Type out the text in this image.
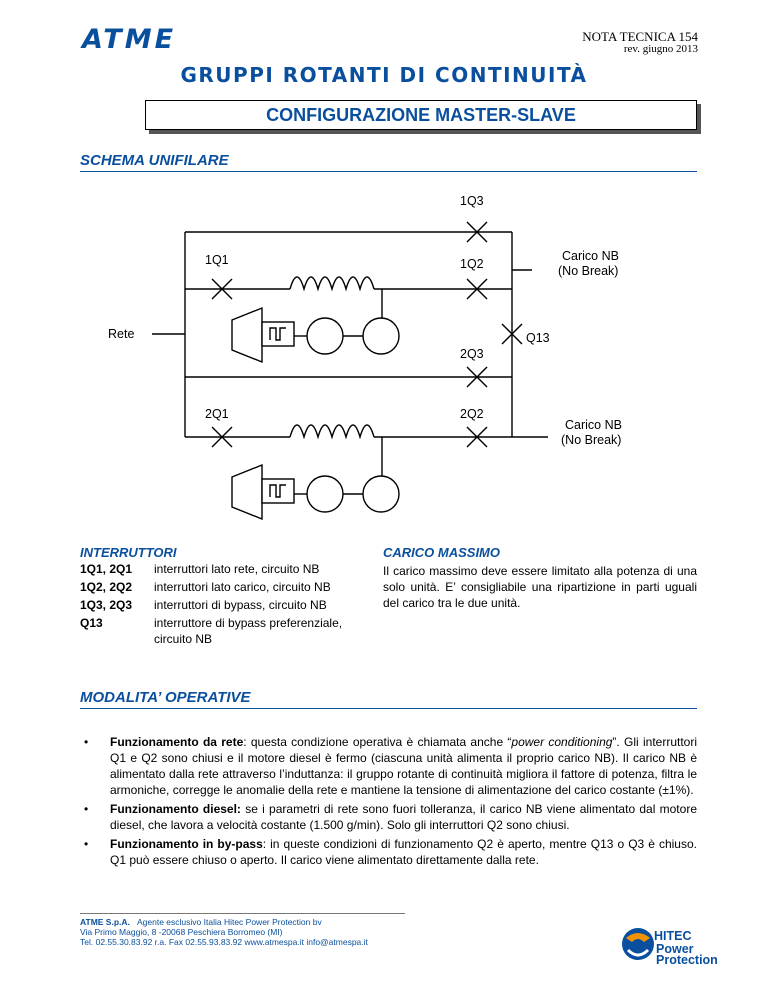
ATME	NOTA TECNICA 154
rev. giugno 2013
GRUPPI ROTANTI DI CONTINUITÀ
CONFIGURAZIONE MASTER-SLAVE
SCHEMA UNIFILARE
1Q3
1Q1	1Q2
Carico NB
(No Break)
Rete	Q13
2Q3
2Q1	2Q2
Carico NB
(No Break)
INTERRUTTORI
1Q1, 2Q1	interruttori lato rete, circuito NB
1Q2, 2Q2	interruttori lato carico, circuito NB
1Q3, 2Q3	interruttori di bypass, circuito NB
Q13	interruttore di bypass preferenziale, circuito NB
CARICO MASSIMO
Il carico massimo deve essere limitato alla potenza di una solo unità. E’ consigliabile una ripartizione in parti uguali del carico tra le due unità.
MODALITA’ OPERATIVE
• Funzionamento da rete: questa condizione operativa è chiamata anche “power conditioning”. Gli interruttori Q1 e Q2 sono chiusi e il motore diesel è fermo (ciascuna unità alimenta il proprio carico NB). Il carico NB è alimentato dalla rete attraverso l’induttanza: il gruppo rotante di continuità migliora il fattore di potenza, filtra le armoniche, corregge le anomalie della rete e mantiene la tensione di alimentazione del carico costante (±1%).
• Funzionamento diesel: se i parametri di rete sono fuori tolleranza, il carico NB viene alimentato dal motore diesel, che lavora a velocità costante (1.500 g/min). Solo gli interruttori Q2 sono chiusi.
• Funzionamento in by-pass: in queste condizioni di funzionamento Q2 è aperto, mentre Q13 o Q3 è chiuso. Q1 può essere chiuso o aperto. Il carico viene alimentato direttamente dalla rete.
ATME S.p.A. Agente esclusivo Italia Hitec Power Protection bv
Via Primo Maggio, 8 -20068 Peschiera Borromeo (MI)
Tel. 02.55.30.83.92 r.a. Fax 02.55.93.83.92 www.atmespa.it info@atmespa.it	HITEC
Power
Protection
